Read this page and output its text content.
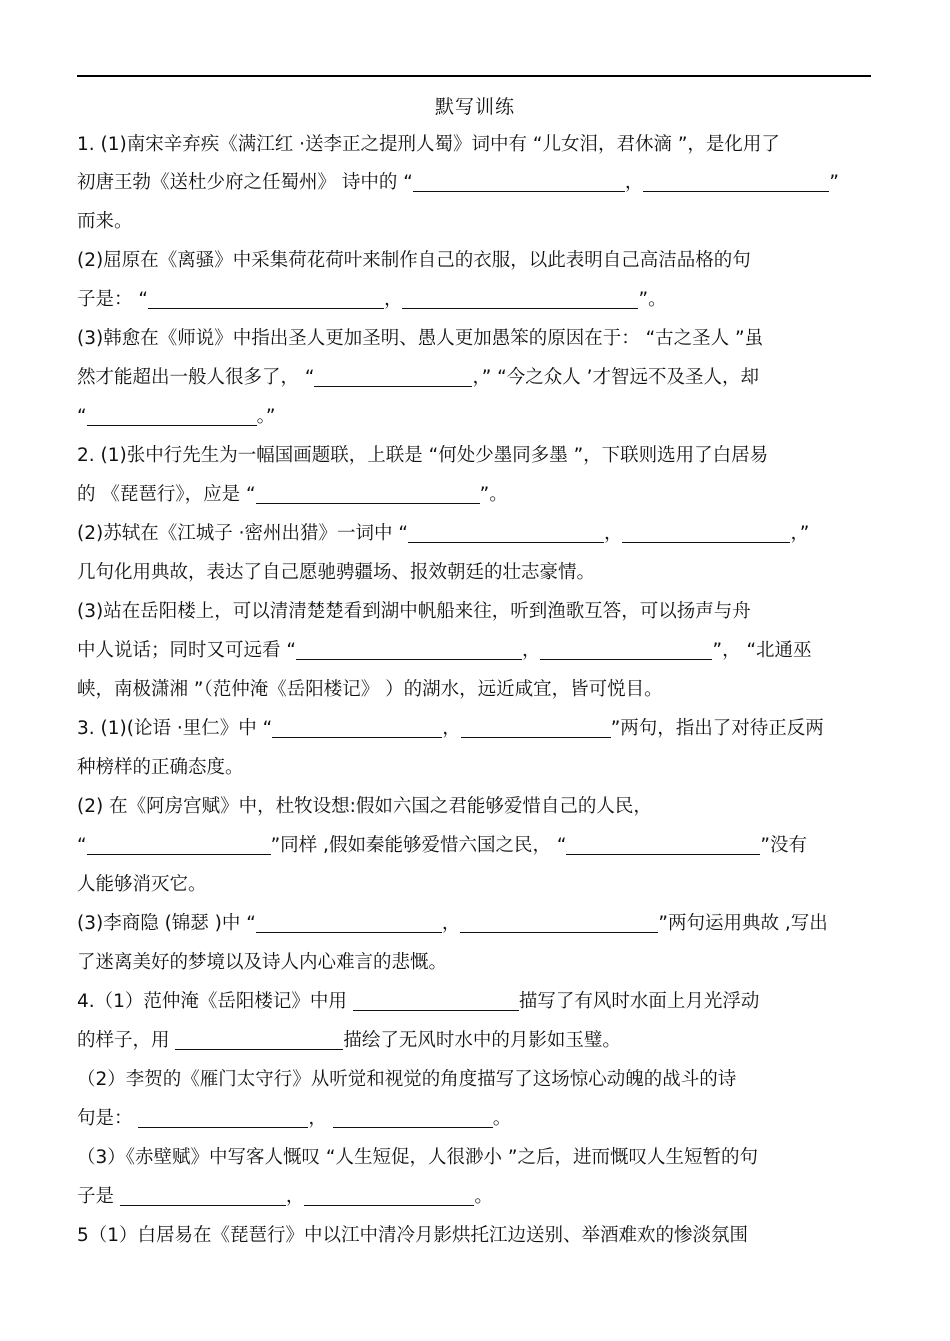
默写训练
1. (1)南宋辛弃疾《满江红 ·送李正之提刑人蜀》词中有 “儿女泪，君休滴 ”，是化用了
初唐王勃《送杜少府之任蜀州》 诗中的 “	，	”
而来。
(2)屈原在《离骚》中采集荷花荷叶来制作自己的衣服，以此表明自己高洁品格的句
子是： “	，	”。
(3)韩愈在《师说》中指出圣人更加圣明、愚人更加愚笨的原因在于： “古之圣人 ”虽
然才能超出一般人很多了， “	，” “今之众人 ’才智远不及圣人，却
“	。”
2. (1)张中行先生为一幅国画题联，上联是 “何处少墨同多墨 ”，下联则选用了白居易
的 《琵琶行》，应是 “	”。
(2)苏轼在《江城子 ·密州出猎》一词中 “	，	，”
几句化用典故，表达了自己愿驰骋疆场、报效朝廷的壮志豪情。
(3)站在岳阳楼上，可以清清楚楚看到湖中帆船来往，听到渔歌互答，可以扬声与舟
中人说话；同时又可远看 “	，	”， “北通巫
峡，南极潇湘 ”（范仲淹《岳阳楼记》 ）的湖水，远近咸宜，皆可悦目。
3. (1)(论语 ·里仁》中 “	，	”两句，指出了对待正反两
种榜样的正确态度。
(2) 在《阿房宫赋》中，杜牧设想:假如六国之君能够爱惜自己的人民，
“	”同样 ,假如秦能够爱惜六国之民， “	”没有
人能够消灭它。
(3)李商隐 (锦瑟 )中 “	，	”两句运用典故 ,写出
了迷离美好的梦境以及诗人内心难言的悲慨。
4.（1）范仲淹《岳阳楼记》中用	描写了有风时水面上月光浮动
的样子，用	描绘了无风时水中的月影如玉璧。
（2）李贺的《雁门太守行》从听觉和视觉的角度描写了这场惊心动魄的战斗的诗
句是：	，	。
（3）《赤壁赋》中写客人慨叹 “人生短促，人很渺小 ”之后，进而慨叹人生短暂的句
子是	，	。
5（1）白居易在《琵琶行》中以江中清冷月影烘托江边送别、举酒难欢的惨淡氛围
